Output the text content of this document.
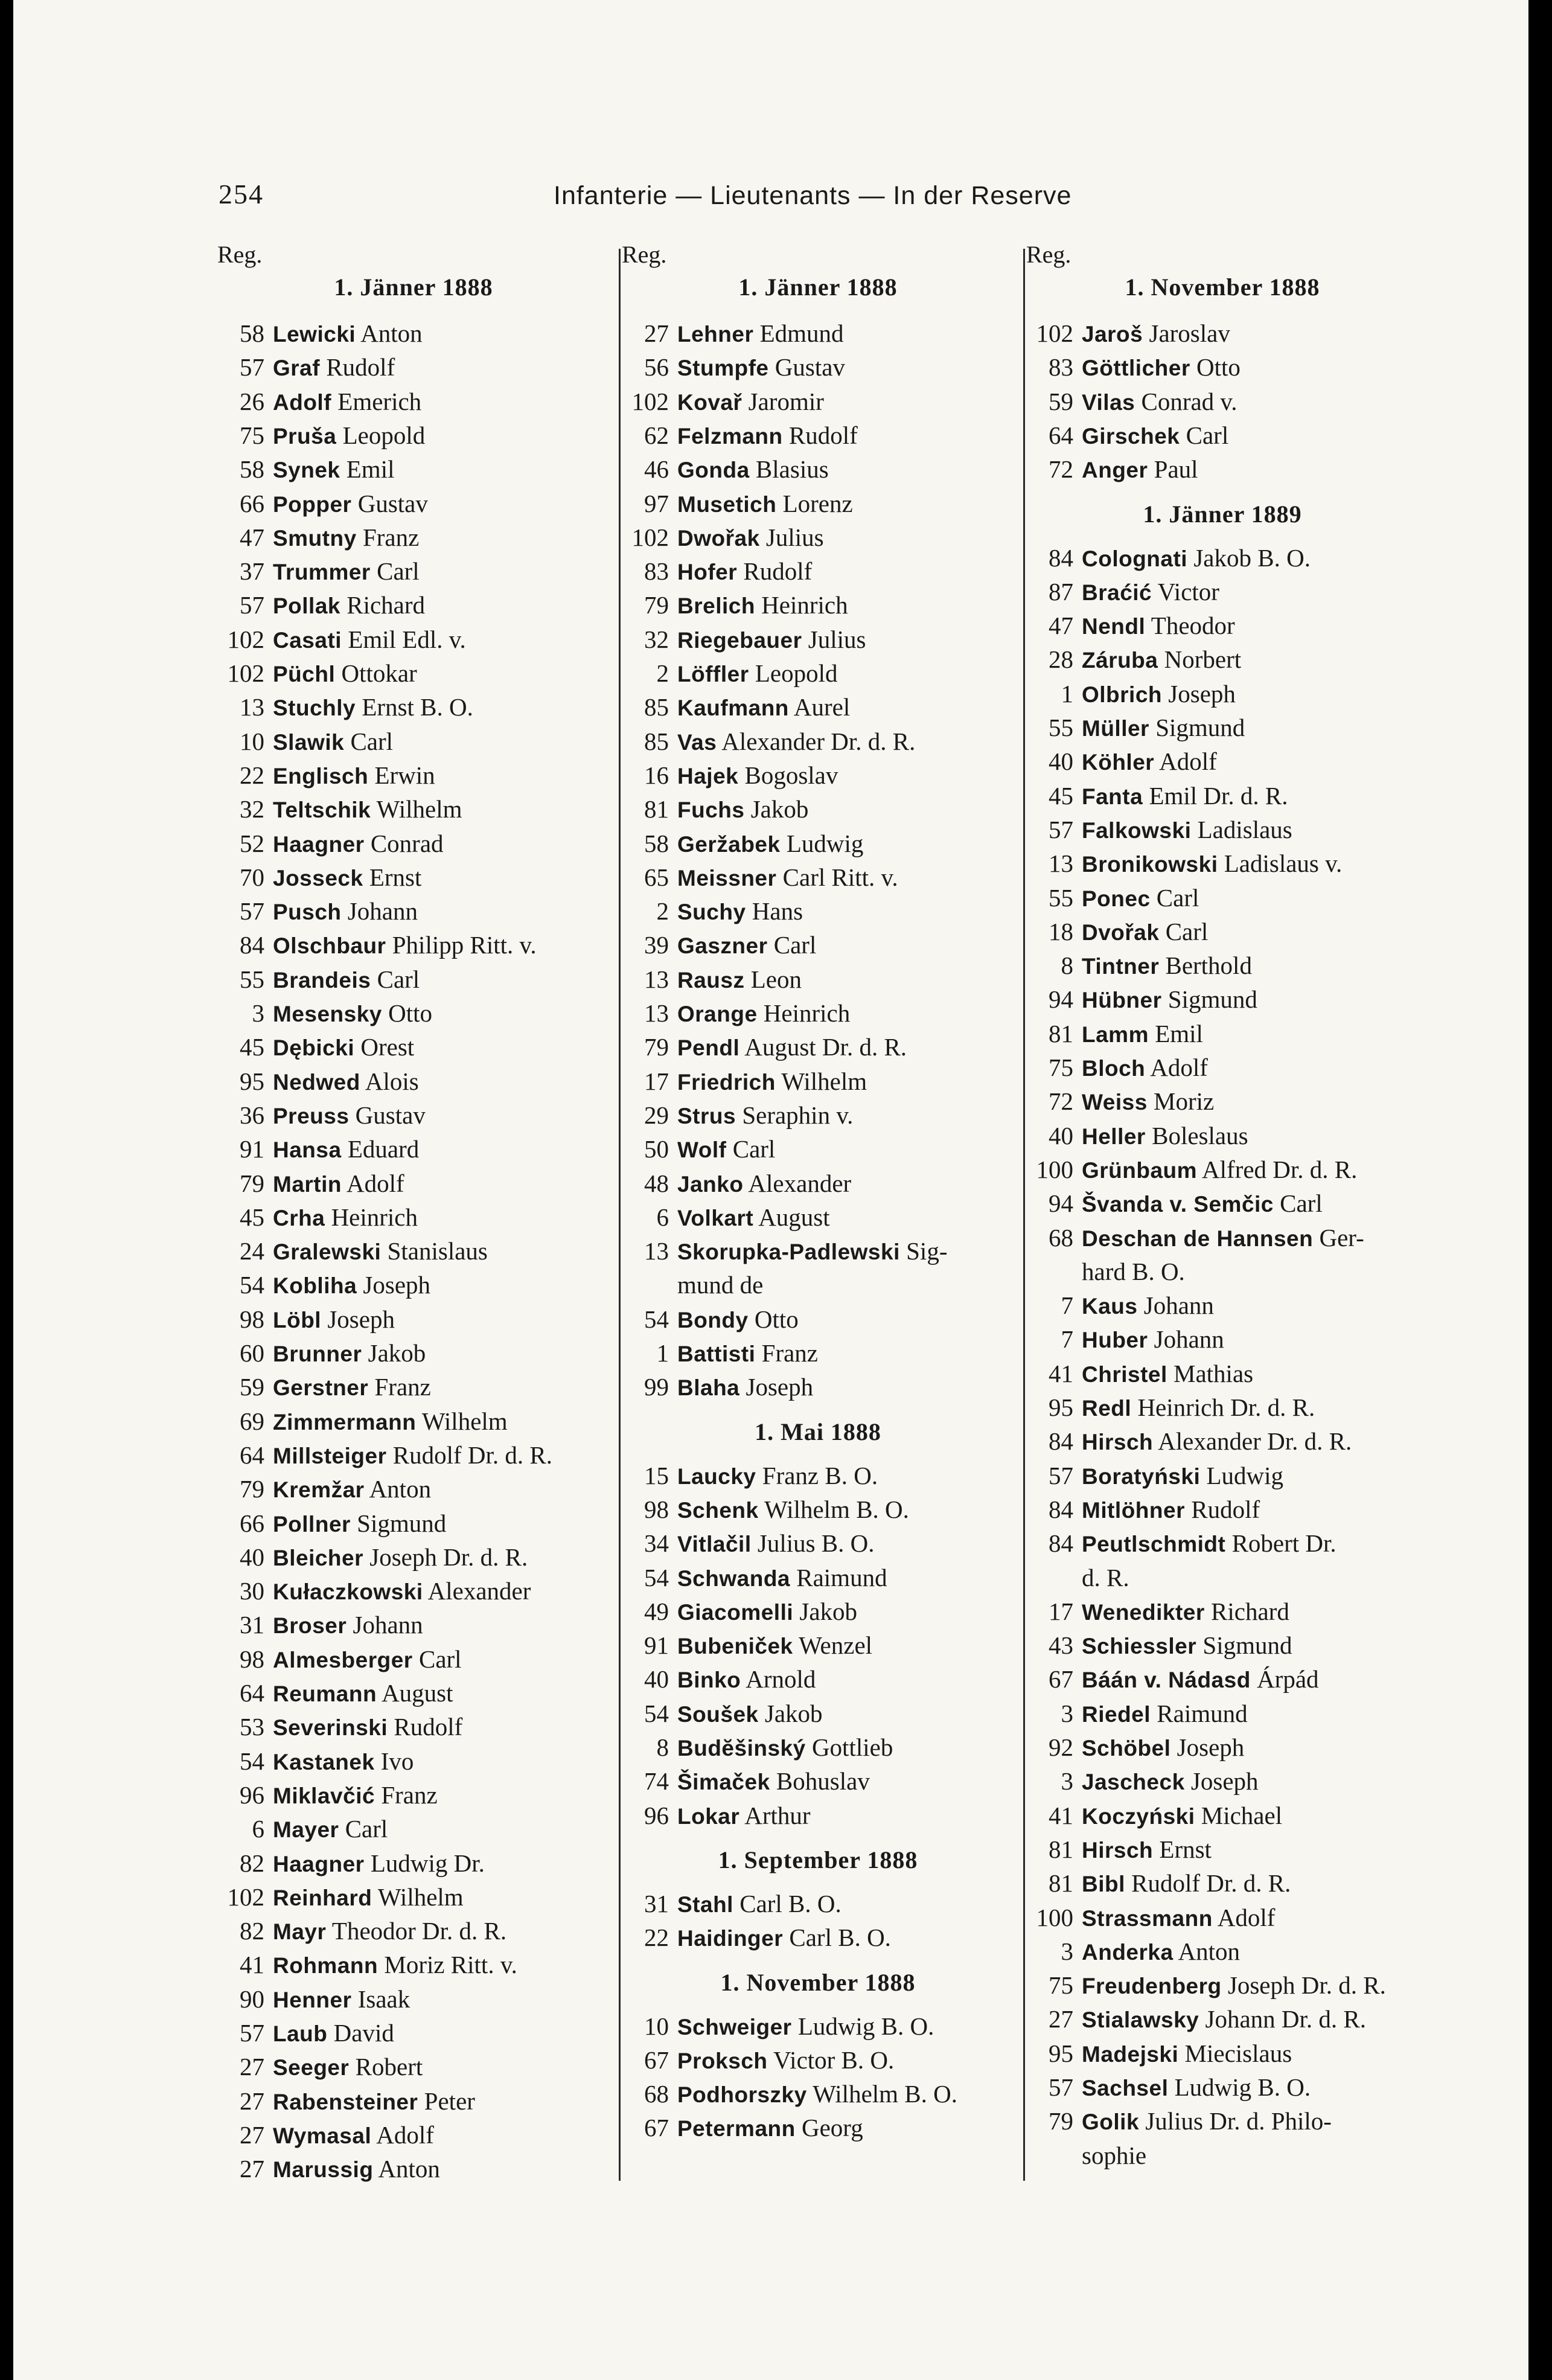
254	Infanterie — Lieutenants — In der Reserve
Reg.
1. Jänner 1888
58 Lewicki Anton
57 Graf Rudolf
26 Adolf Emerich
75 Pruša Leopold
58 Synek Emil
66 Popper Gustav
47 Smutny Franz
37 Trummer Carl
57 Pollak Richard
102 Casati Emil Edl. v.
102 Püchl Ottokar
13 Stuchly Ernst B. O.
10 Slawik Carl
22 Englisch Erwin
32 Teltschik Wilhelm
52 Haagner Conrad
70 Josseck Ernst
57 Pusch Johann
84 Olschbaur Philipp Ritt. v.
55 Brandeis Carl
3 Mesensky Otto
45 Dębicki Orest
95 Nedwed Alois
36 Preuss Gustav
91 Hansa Eduard
79 Martin Adolf
45 Crha Heinrich
24 Gralewski Stanislaus
54 Kobliha Joseph
98 Löbl Joseph
60 Brunner Jakob
59 Gerstner Franz
69 Zimmermann Wilhelm
64 Millsteiger Rudolf Dr. d. R.
79 Kremžar Anton
66 Pollner Sigmund
40 Bleicher Joseph Dr. d. R.
30 Kułaczkowski Alexander
31 Broser Johann
98 Almesberger Carl
64 Reumann August
53 Severinski Rudolf
54 Kastanek Ivo
96 Miklavčić Franz
6 Mayer Carl
82 Haagner Ludwig Dr.
102 Reinhard Wilhelm
82 Mayr Theodor Dr. d. R.
41 Rohmann Moriz Ritt. v.
90 Henner Isaak
57 Laub David
27 Seeger Robert
27 Rabensteiner Peter
27 Wymasal Adolf
27 Marussig Anton
Reg.
1. Jänner 1888
27 Lehner Edmund
56 Stumpfe Gustav
102 Kovař Jaromir
62 Felzmann Rudolf
46 Gonda Blasius
97 Musetich Lorenz
102 Dwořak Julius
83 Hofer Rudolf
79 Brelich Heinrich
32 Riegebauer Julius
2 Löffler Leopold
85 Kaufmann Aurel
85 Vas Alexander Dr. d. R.
16 Hajek Bogoslav
81 Fuchs Jakob
58 Geržabek Ludwig
65 Meissner Carl Ritt. v.
2 Suchy Hans
39 Gaszner Carl
13 Rausz Leon
13 Orange Heinrich
79 Pendl August Dr. d. R.
17 Friedrich Wilhelm
29 Strus Seraphin v.
50 Wolf Carl
48 Janko Alexander
6 Volkart August
13 Skorupka-Padlewski Sig-
mund de
54 Bondy Otto
1 Battisti Franz
99 Blaha Joseph
1. Mai 1888
15 Laucky Franz B. O.
98 Schenk Wilhelm B. O.
34 Vitlačil Julius B. O.
54 Schwanda Raimund
49 Giacomelli Jakob
91 Bubeniček Wenzel
40 Binko Arnold
54 Soušek Jakob
8 Budĕšinský Gottlieb
74 Šimaček Bohuslav
96 Lokar Arthur
1. September 1888
31 Stahl Carl B. O.
22 Haidinger Carl B. O.
1. November 1888
10 Schweiger Ludwig B. O.
67 Proksch Victor B. O.
68 Podhorszky Wilhelm B. O.
67 Petermann Georg
Reg.
1. November 1888
102 Jaroš Jaroslav
83 Göttlicher Otto
59 Vilas Conrad v.
64 Girschek Carl
72 Anger Paul
1. Jänner 1889
84 Colognati Jakob B. O.
87 Braćić Victor
47 Nendl Theodor
28 Záruba Norbert
1 Olbrich Joseph
55 Müller Sigmund
40 Köhler Adolf
45 Fanta Emil Dr. d. R.
57 Falkowski Ladislaus
13 Bronikowski Ladislaus v.
55 Ponec Carl
18 Dvořak Carl
8 Tintner Berthold
94 Hübner Sigmund
81 Lamm Emil
75 Bloch Adolf
72 Weiss Moriz
40 Heller Boleslaus
100 Grünbaum Alfred Dr. d. R.
94 Švanda v. Semčic Carl
68 Deschan de Hannsen Ger-
hard B. O.
7 Kaus Johann
7 Huber Johann
41 Christel Mathias
95 Redl Heinrich Dr. d. R.
84 Hirsch Alexander Dr. d. R.
57 Boratyński Ludwig
84 Mitlöhner Rudolf
84 Peutlschmidt Robert Dr.
d. R.
17 Wenedikter Richard
43 Schiessler Sigmund
67 Báán v. Nádasd Árpád
3 Riedel Raimund
92 Schöbel Joseph
3 Jascheck Joseph
41 Koczyński Michael
81 Hirsch Ernst
81 Bibl Rudolf Dr. d. R.
100 Strassmann Adolf
3 Anderka Anton
75 Freudenberg Joseph Dr. d. R.
27 Stialawsky Johann Dr. d. R.
95 Madejski Miecislaus
57 Sachsel Ludwig B. O.
79 Golik Julius Dr. d. Philo-
sophie
